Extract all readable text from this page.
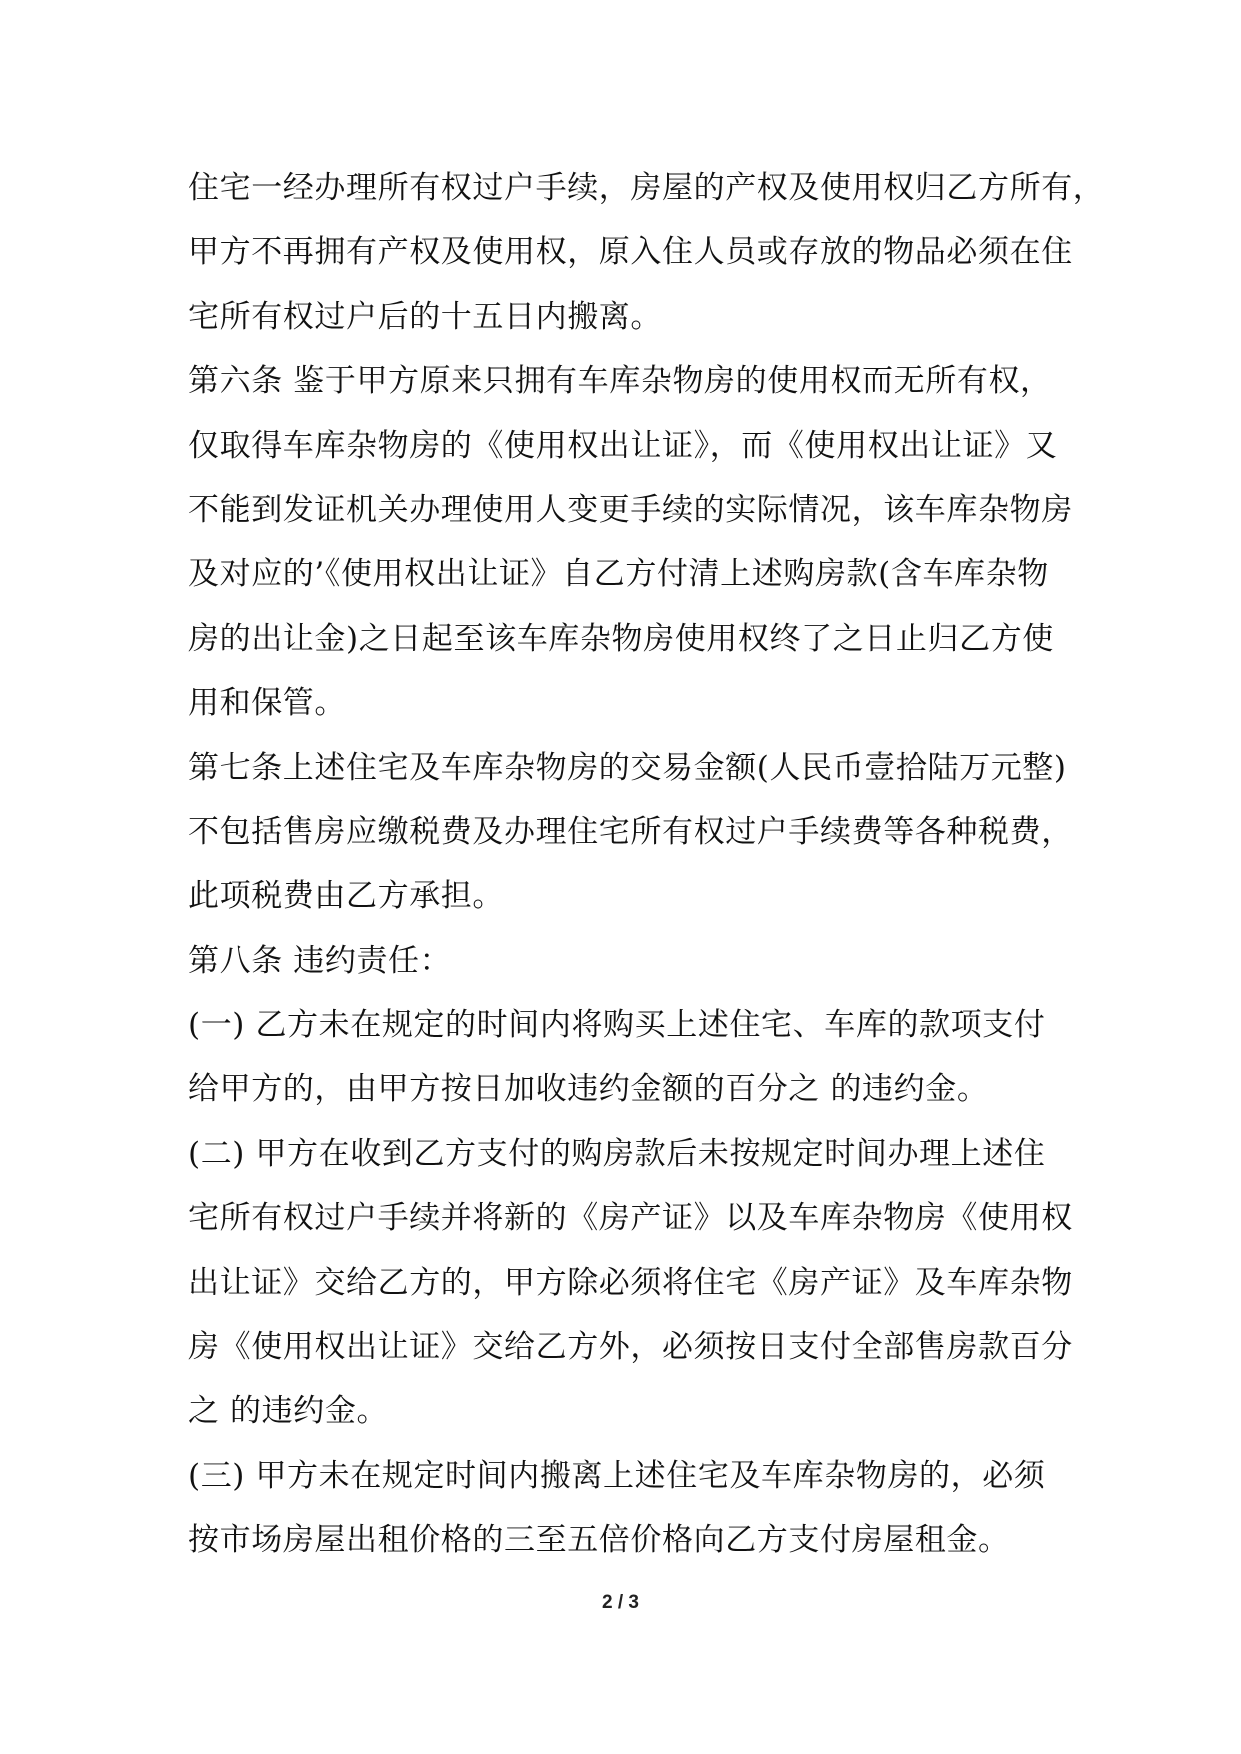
住宅一经办理所有权过户手续，房屋的产权及使用权归乙方所有，
甲方不再拥有产权及使用权，原入住人员或存放的物品必须在住
宅所有权过户后的十五日内搬离。
第六条 鉴于甲方原来只拥有车库杂物房的使用权而无所有权，
仅取得车库杂物房的《使用权出让证》，而《使用权出让证》又
不能到发证机关办理使用人变更手续的实际情况，该车库杂物房
及对应的’《使用权出让证》自乙方付清上述购房款(含车库杂物
房的出让金)之日起至该车库杂物房使用权终了之日止归乙方使
用和保管。
第七条上述住宅及车库杂物房的交易金额(人民币壹拾陆万元整)
不包括售房应缴税费及办理住宅所有权过户手续费等各种税费，
此项税费由乙方承担。
第八条 违约责任：
(一) 乙方未在规定的时间内将购买上述住宅、车库的款项支付
给甲方的，由甲方按日加收违约金额的百分之 的违约金。
(二) 甲方在收到乙方支付的购房款后未按规定时间办理上述住
宅所有权过户手续并将新的《房产证》以及车库杂物房《使用权
出让证》交给乙方的，甲方除必须将住宅《房产证》及车库杂物
房《使用权出让证》交给乙方外，必须按日支付全部售房款百分
之 的违约金。
(三) 甲方未在规定时间内搬离上述住宅及车库杂物房的，必须
按市场房屋出租价格的三至五倍价格向乙方支付房屋租金。
2 / 3
